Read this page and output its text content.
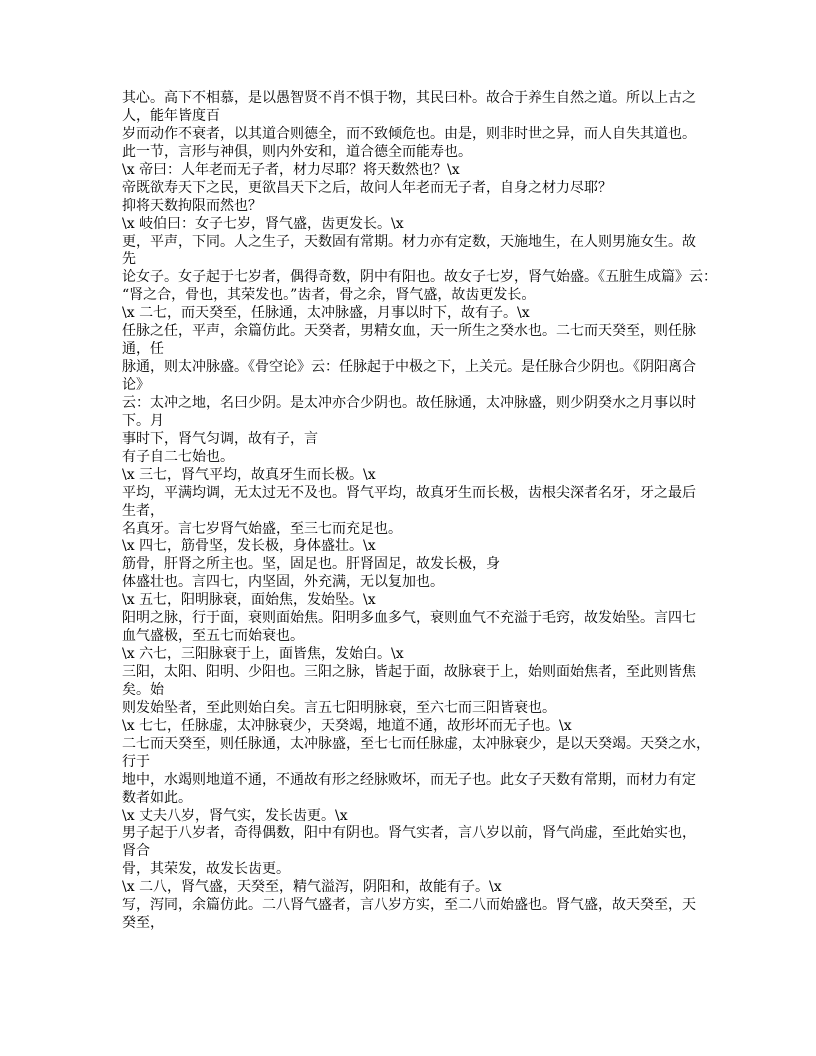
其心。高下不相慕，是以愚智贤不肖不惧于物，其民曰朴。故合于养生自然之道。所以上古之
人，能年皆度百
岁而动作不衰者，以其道合则德全，而不致倾危也。由是，则非时世之异，而人自失其道也。
此一节，言形与神俱，则内外安和，道合德全而能寿也。
\x 帝曰：人年老而无子者，材力尽耶？将天数然也？\x
帝既欲寿天下之民，更欲昌天下之后，故问人年老而无子者，自身之材力尽耶？
抑将天数拘限而然也？
\x 岐伯曰：女子七岁，肾气盛，齿更发长。\x
更，平声，下同。人之生子，天数固有常期。材力亦有定数，天施地生，在人则男施女生。故
先
论女子。女子起于七岁者，偶得奇数，阴中有阳也。故女子七岁，肾气始盛。《五脏生成篇》云：
“肾之合，骨也，其荣发也。”齿者，骨之余，肾气盛，故齿更发长。
\x 二七，而天癸至，任脉通，太冲脉盛，月事以时下，故有子。\x
任脉之任，平声，余篇仿此。天癸者，男精女血，天一所生之癸水也。二七而天癸至，则任脉
通，任
脉通，则太冲脉盛。《骨空论》云：任脉起于中极之下，上关元。是任脉合少阴也。《阴阳离合
论》
云：太冲之地，名曰少阴。是太冲亦合少阴也。故任脉通，太冲脉盛，则少阴癸水之月事以时
下。月
事时下，肾气匀调，故有子，言
有子自二七始也。
\x 三七，肾气平均，故真牙生而长极。\x
平均，平满均调，无太过无不及也。肾气平均，故真牙生而长极，齿根尖深者名牙，牙之最后
生者，
名真牙。言七岁肾气始盛，至三七而充足也。
\x 四七，筋骨坚，发长极，身体盛壮。\x
筋骨，肝肾之所主也。坚，固足也。肝肾固足，故发长极，身
体盛壮也。言四七，内坚固，外充满，无以复加也。
\x 五七，阳明脉衰，面始焦，发始坠。\x
阳明之脉，行于面，衰则面始焦。阳明多血多气，衰则血气不充溢于毛窍，故发始坠。言四七
血气盛极，至五七而始衰也。
\x 六七，三阳脉衰于上，面皆焦，发始白。\x
三阳，太阳、阳明、少阳也。三阳之脉，皆起于面，故脉衰于上，始则面始焦者，至此则皆焦
矣。始
则发始坠者，至此则始白矣。言五七阳明脉衰，至六七而三阳皆衰也。
\x 七七，任脉虚，太冲脉衰少，天癸竭，地道不通，故形坏而无子也。\x
二七而天癸至，则任脉通，太冲脉盛，至七七而任脉虚，太冲脉衰少，是以天癸竭。天癸之水，
行于
地中，水竭则地道不通，不通故有形之经脉败坏，而无子也。此女子天数有常期，而材力有定
数者如此。
\x 丈夫八岁，肾气实，发长齿更。\x
男子起于八岁者，奇得偶数，阳中有阴也。肾气实者，言八岁以前，肾气尚虚，至此始实也，
肾合
骨，其荣发，故发长齿更。
\x 二八，肾气盛，天癸至，精气溢泻，阴阳和，故能有子。\x
写，泻同，余篇仿此。二八肾气盛者，言八岁方实，至二八而始盛也。肾气盛，故天癸至，天
癸至，
